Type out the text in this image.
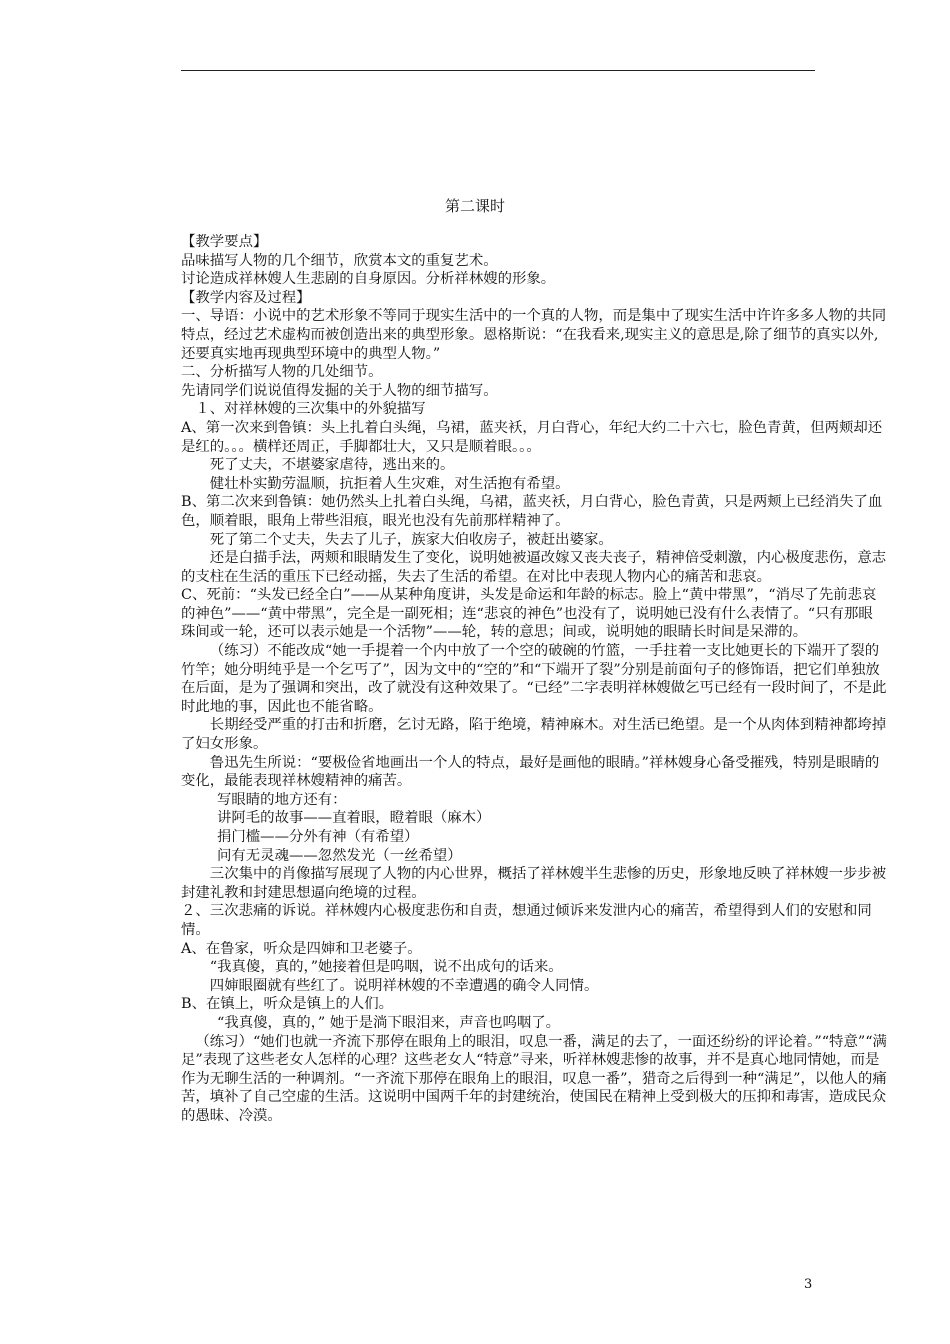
第二课时

【教学要点】

品味描写人物的几个细节，欣赏本文的重复艺术。

讨论造成祥林嫂人生悲剧的自身原因。分析祥林嫂的形象。

【教学内容及过程】

一、导语：小说中的艺术形象不等同于现实生活中的一个真的人物，而是集中了现实生活中许许多多人物的共同特点，经过艺术虚构而被创造出来的典型形象。恩格斯说：“在我看来,现实主义的意思是,除了细节的真实以外,还要真实地再现典型环境中的典型人物。”

二、分析描写人物的几处细节。

先请同学们说说值得发掘的关于人物的细节描写。

１、对祥林嫂的三次集中的外貌描写

A、第一次来到鲁镇：头上扎着白头绳，乌裙，蓝夹袄，月白背心，年纪大约二十六七，脸色青黄，但两颊却还是红的。。。横样还周正，手脚都壮大，又只是顺着眼。。。

死了丈夫，不堪婆家虐待，逃出来的。

健壮朴实勤劳温顺，抗拒着人生灾难，对生活抱有希望。

B、第二次来到鲁镇：她仍然头上扎着白头绳，乌裙，蓝夹袄，月白背心，脸色青黄，只是两颊上已经消失了血色，顺着眼，眼角上带些泪痕，眼光也没有先前那样精神了。

死了第二个丈夫，失去了儿子，族家大伯收房子，被赶出婆家。

还是白描手法，两颊和眼睛发生了变化，说明她被逼改嫁又丧夫丧子，精神倍受刺激，内心极度悲伤，意志的支柱在生活的重压下已经动摇，失去了生活的希望。在对比中表现人物内心的痛苦和悲哀。

C、死前：“头发已经全白”——从某种角度讲，头发是命运和年龄的标志。脸上“黄中带黑”，“消尽了先前悲哀的神色”——“黄中带黑”，完全是一副死相；连“悲哀的神色”也没有了，说明她已没有什么表情了。“只有那眼珠间或一轮，还可以表示她是一个活物”——轮，转的意思；间或，说明她的眼睛长时间是呆滞的。

（练习）不能改成“她一手提着一个内中放了一个空的破碗的竹篮，一手拄着一支比她更长的下端开了裂的竹竿；她分明纯乎是一个乞丐了”，因为文中的“空的”和“下端开了裂”分别是前面句子的修饰语，把它们单独放在后面，是为了强调和突出，改了就没有这种效果了。“已经”二字表明祥林嫂做乞丐已经有一段时间了，不是此时此地的事，因此也不能省略。

长期经受严重的打击和折磨，乞讨无路，陷于绝境，精神麻木。对生活已绝望。是一个从肉体到精神都垮掉了妇女形象。

鲁迅先生所说：“要极俭省地画出一个人的特点，最好是画他的眼睛。”祥林嫂身心备受摧残，特别是眼睛的变化，最能表现祥林嫂精神的痛苦。

写眼睛的地方还有：

讲阿毛的故事——直着眼，瞪着眼（麻木）

捐门槛——分外有神（有希望）

问有无灵魂——忽然发光（一丝希望）

三次集中的肖像描写展现了人物的内心世界，概括了祥林嫂半生悲惨的历史，形象地反映了祥林嫂一步步被封建礼教和封建思想逼向绝境的过程。

２、三次悲痛的诉说。祥林嫂内心极度悲伤和自责，想通过倾诉来发泄内心的痛苦，希望得到人们的安慰和同情。

A、在鲁家，听众是四婶和卫老婆子。

“我真傻，真的，”她接着但是呜咽，说不出成句的话来。

四婶眼圈就有些红了。说明祥林嫂的不幸遭遇的确令人同情。

B、在镇上，听众是镇上的人们。

“我真傻，真的，” 她于是淌下眼泪来，声音也呜咽了。

（练习）“她们也就一齐流下那停在眼角上的眼泪，叹息一番，满足的去了，一面还纷纷的评论着。”“特意”“满足”表现了这些老女人怎样的心理？这些老女人“特意”寻来，听祥林嫂悲惨的故事，并不是真心地同情她，而是作为无聊生活的一种调剂。“一齐流下那停在眼角上的眼泪，叹息一番”，猎奇之后得到一种“满足”，以他人的痛苦，填补了自己空虚的生活。这说明中国两千年的封建统治，使国民在精神上受到极大的压抑和毒害，造成民众的愚昧、冷漠。

3
